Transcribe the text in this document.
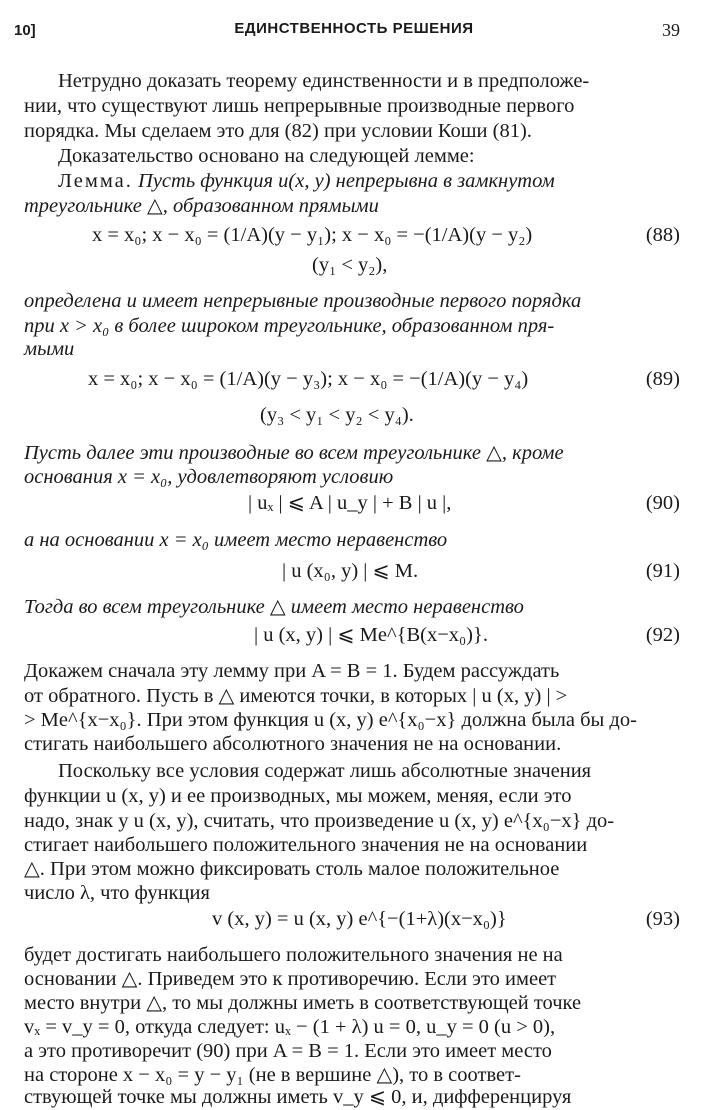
10]	ЕДИНСТВЕННОСТЬ РЕШЕНИЯ	39
Нетрудно доказать теорему единственности и в предположе-
нии, что существуют лишь непрерывные производные первого
порядка. Мы сделаем это для (82) при условии Коши (81).
Доказательство основано на следующей лемме:
Лемма. Пусть функция u(x, y) непрерывна в замкнутом
треугольнике △, образованном прямыми
x = x₀; x − x₀ = (1/A)(y − y₁); x − x₀ = −(1/A)(y − y₂)	(88)
(y₁ < y₂),
определена и имеет непрерывные производные первого порядка
при x > x₀ в более широком треугольнике, образованном пря-
мыми
x = x₀; x − x₀ = (1/A)(y − y₃); x − x₀ = −(1/A)(y − y₄)	(89)
(y₃ < y₁ < y₂ < y₄).
Пусть далее эти производные во всем треугольнике △, кроме
основания x = x₀, удовлетворяют условию
| uₓ | ⩽ A | u_y | + B | u |,	(90)
а на основании x = x₀ имеет место неравенство
| u (x₀, y) | ⩽ M.	(91)
Тогда во всем треугольнике △ имеет место неравенство
| u (x, y) | ⩽ Me^{B(x−x₀)}.	(92)
Докажем сначала эту лемму при A = B = 1. Будем рассуждать
от обратного. Пусть в △ имеются точки, в которых | u (x, y) | >
> Me^{x−x₀}. При этом функция u (x, y) e^{x₀−x} должна была бы до-
стигать наибольшего абсолютного значения не на основании.
Поскольку все условия содержат лишь абсолютные значения
функции u (x, y) и ее производных, мы можем, меняя, если это
надо, знак у u (x, y), считать, что произведение u (x, y) e^{x₀−x} до-
стигает наибольшего положительного значения не на основании
△. При этом можно фиксировать столь малое положительное
число λ, что функция
v (x, y) = u (x, y) e^{−(1+λ)(x−x₀)}	(93)
будет достигать наибольшего положительного значения не на
основании △. Приведем это к противоречию. Если это имеет
место внутри △, то мы должны иметь в соответствующей точке
vₓ = v_y = 0, откуда следует: uₓ − (1 + λ) u = 0, u_y = 0 (u > 0),
а это противоречит (90) при A = B = 1. Если это имеет место
на стороне x − x₀ = y − y₁ (не в вершине △), то в соответ-
ствующей точке мы должны иметь v_y ⩽ 0, и, дифференцируя
